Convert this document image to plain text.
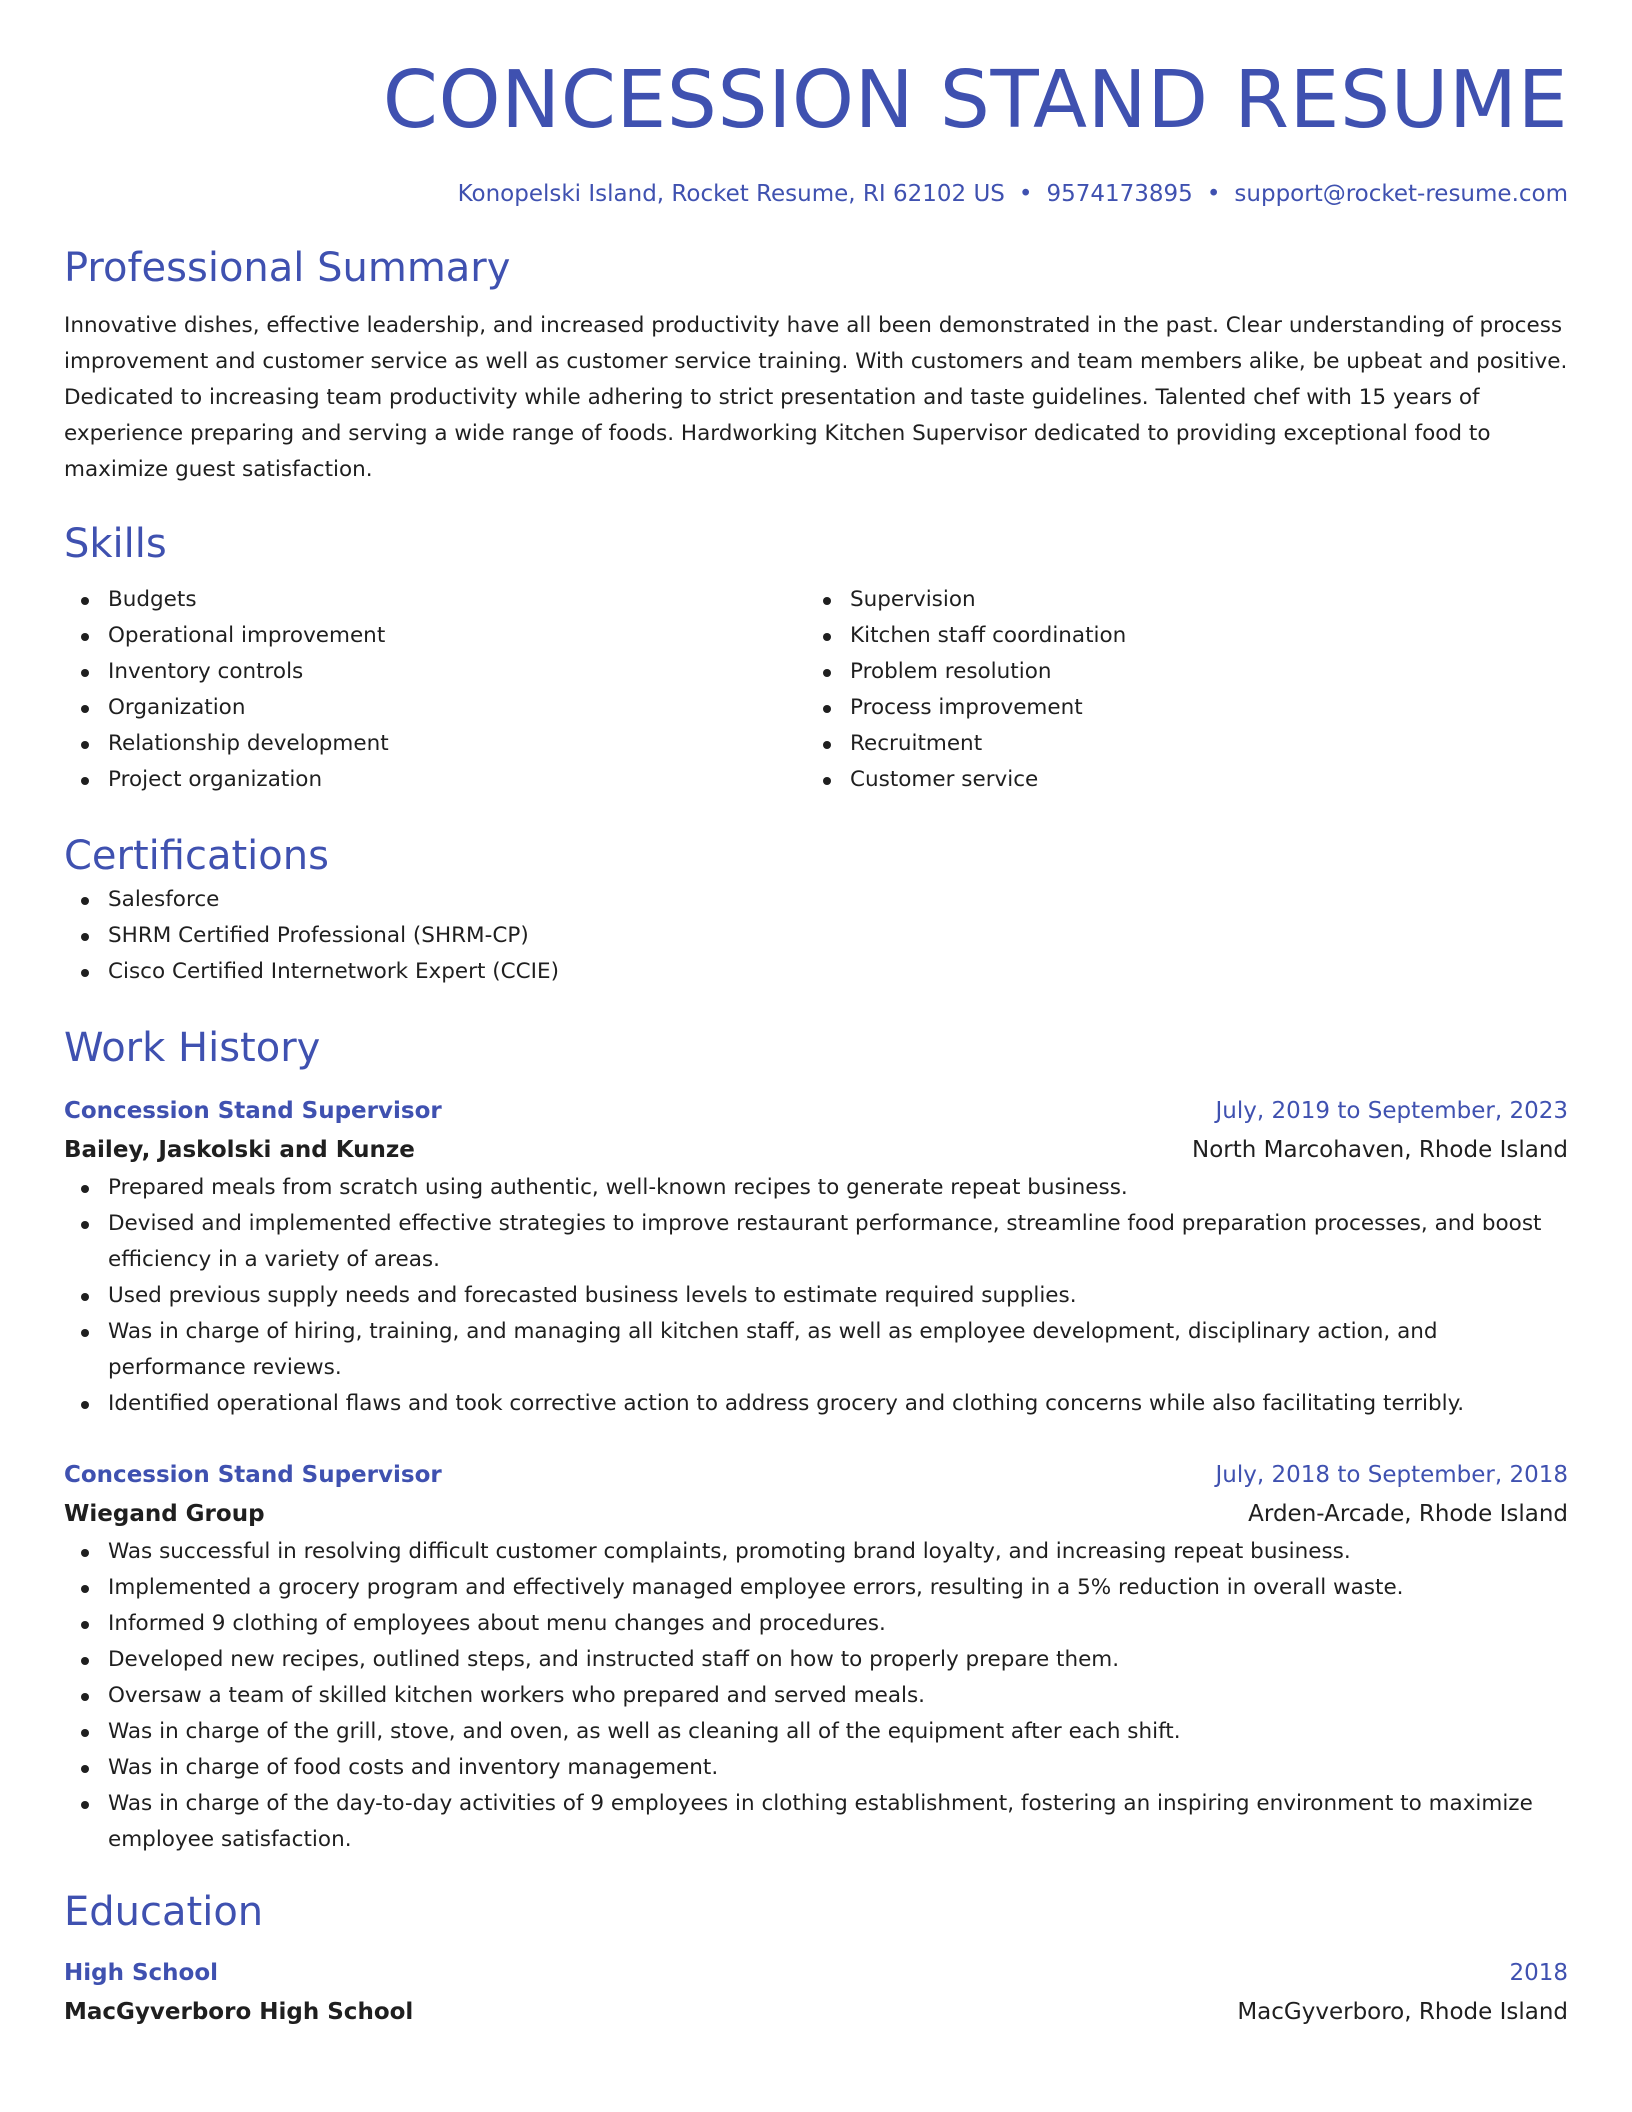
CONCESSION STAND RESUME
Konopelski Island, Rocket Resume, RI 62102 US • 9574173895 • support@rocket-resume.com
Professional Summary

Innovative dishes, effective leadership, and increased productivity have all been demonstrated in the past. Clear understanding of process improvement and customer service as well as customer service training. With customers and team members alike, be upbeat and positive. Dedicated to increasing team productivity while adhering to strict presentation and taste guidelines. Talented chef with 15 years of experience preparing and serving a wide range of foods. Hardworking Kitchen Supervisor dedicated to providing exceptional food to maximize guest satisfaction.

Skills
Budgets
Operational improvement
Inventory controls
Organization
Relationship development
Project organization
Supervision
Kitchen staff coordination
Problem resolution
Process improvement
Recruitment
Customer service
Certifications
Salesforce
SHRM Certified Professional (SHRM-CP)
Cisco Certified Internetwork Expert (CCIE)
Work History
Concession Stand Supervisor	July, 2019 to September, 2023
Bailey, Jaskolski and Kunze	North Marcohaven, Rhode Island
Prepared meals from scratch using authentic, well-known recipes to generate repeat business.
Devised and implemented effective strategies to improve restaurant performance, streamline food preparation processes, and boost efficiency in a variety of areas.
Used previous supply needs and forecasted business levels to estimate required supplies.
Was in charge of hiring, training, and managing all kitchen staff, as well as employee development, disciplinary action, and performance reviews.
Identified operational flaws and took corrective action to address grocery and clothing concerns while also facilitating terribly.
Concession Stand Supervisor	July, 2018 to September, 2018
Wiegand Group	Arden-Arcade, Rhode Island
Was successful in resolving difficult customer complaints, promoting brand loyalty, and increasing repeat business.
Implemented a grocery program and effectively managed employee errors, resulting in a 5% reduction in overall waste.
Informed 9 clothing of employees about menu changes and procedures.
Developed new recipes, outlined steps, and instructed staff on how to properly prepare them.
Oversaw a team of skilled kitchen workers who prepared and served meals.
Was in charge of the grill, stove, and oven, as well as cleaning all of the equipment after each shift.
Was in charge of food costs and inventory management.
Was in charge of the day-to-day activities of 9 employees in clothing establishment, fostering an inspiring environment to maximize employee satisfaction.
Education
High School	2018
MacGyverboro High School	MacGyverboro, Rhode Island
